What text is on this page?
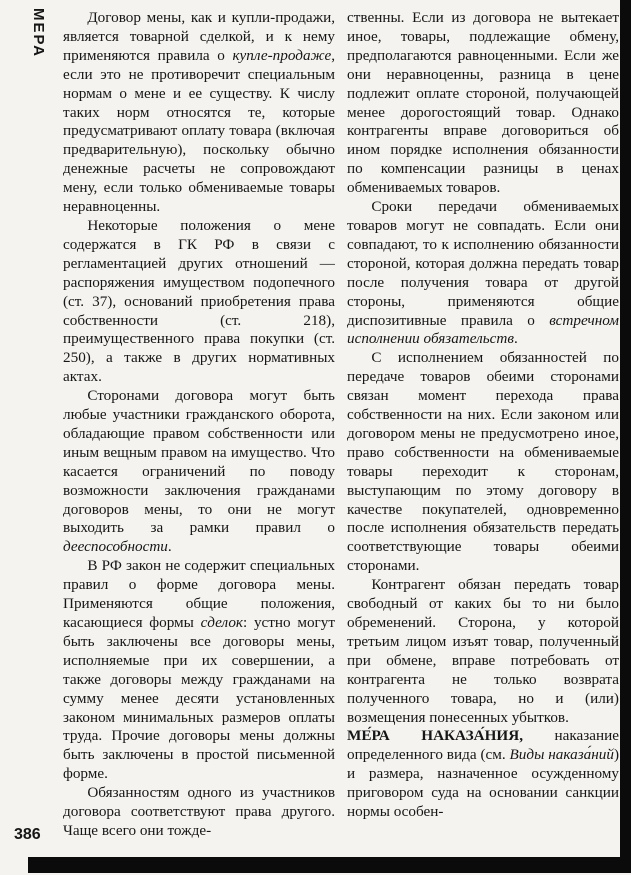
МЕРА	Договор мены, как и купли-продажи, является товарной сделкой, и к нему применяются правила о купле-продаже, если это не противоречит специальным нормам о мене и ее существу. К числу таких норм относятся те, которые предусматривают оплату товара (включая предварительную), поскольку обычно денежные расчеты не сопровождают мену, если только обмениваемые товары неравноценны.

Некоторые положения о мене содержатся в ГК РФ в связи с регламентацией других отношений — распоряжения имуществом подопечного (ст. 37), оснований приобретения права собственности (ст. 218), преимущественного права покупки (ст. 250), а также в других нормативных актах.

Сторонами договора могут быть любые участники гражданского оборота, обладающие правом собственности или иным вещным правом на имущество. Что касается ограничений по поводу возможности заключения гражданами договоров мены, то они не могут выходить за рамки правил о дееспособности.

В РФ закон не содержит специальных правил о форме договора мены. Применяются общие положения, касающиеся формы сделок: устно могут быть заключены все договоры мены, исполняемые при их совершении, а также договоры между гражданами на сумму менее десяти установленных законом минимальных размеров оплаты труда. Прочие договоры мены должны быть заключены в простой письменной форме.

Обязанностям одного из участников договора соответствуют права другого. Чаще всего они тожде-

ственны. Если из договора не вытекает иное, товары, подлежащие обмену, предполагаются равноценными. Если же они неравноценны, разница в цене подлежит оплате стороной, получающей менее дорогостоящий товар. Однако контрагенты вправе договориться об ином порядке исполнения обязанности по компенсации разницы в ценах обмениваемых товаров.

Сроки передачи обмениваемых товаров могут не совпадать. Если они совпадают, то к исполнению обязанности стороной, которая должна передать товар после получения товара от другой стороны, применяются общие диспозитивные правила о встречном исполнении обязательств.

С исполнением обязанностей по передаче товаров обеими сторонами связан момент перехода права собственности на них. Если законом или договором мены не предусмотрено иное, право собственности на обмениваемые товары переходит к сторонам, выступающим по этому договору в качестве покупателей, одновременно после исполнения обязательств передать соответствующие товары обеими сторонами.

Контрагент обязан передать товар свободный от каких бы то ни было обременений. Сторона, у которой третьим лицом изъят товар, полученный при обмене, вправе потребовать от контрагента не только возврата полученного товара, но и (или) возмещения понесенных убытков.

МЕ́РА НАКАЗА́НИЯ, наказание определенного вида (см. Виды наказа́ний) и размера, назначенное осужденному приговором суда на основании санкции нормы особен-

386
